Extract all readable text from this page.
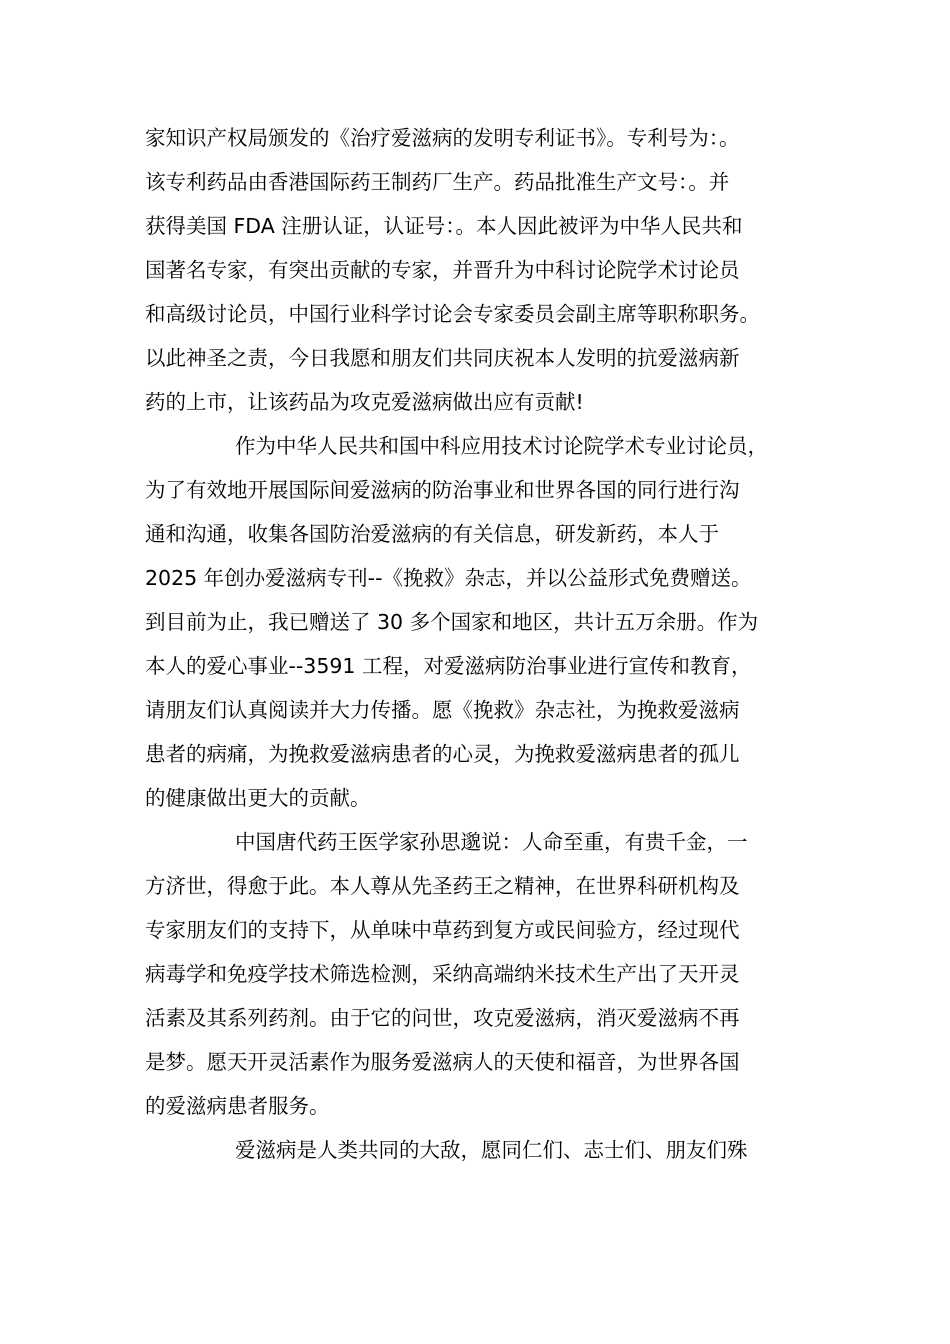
家知识产权局颁发的《治疗爱滋病的发明专利证书》。专利号为：。
该专利药品由香港国际药王制药厂生产。药品批准生产文号：。并
获得美国 FDA 注册认证，认证号：。本人因此被评为中华人民共和
国著名专家，有突出贡献的专家，并晋升为中科讨论院学术讨论员
和高级讨论员，中国行业科学讨论会专家委员会副主席等职称职务。
以此神圣之责，今日我愿和朋友们共同庆祝本人发明的抗爱滋病新
药的上市，让该药品为攻克爱滋病做出应有贡献!
作为中华人民共和国中科应用技术讨论院学术专业讨论员，
为了有效地开展国际间爱滋病的防治事业和世界各国的同行进行沟
通和沟通，收集各国防治爱滋病的有关信息，研发新药，本人于
2025 年创办爱滋病专刊--《挽救》杂志，并以公益形式免费赠送。
到目前为止，我已赠送了 30 多个国家和地区，共计五万余册。作为
本人的爱心事业--3591 工程，对爱滋病防治事业进行宣传和教育，
请朋友们认真阅读并大力传播。愿《挽救》杂志社，为挽救爱滋病
患者的病痛，为挽救爱滋病患者的心灵，为挽救爱滋病患者的孤儿
的健康做出更大的贡献。
中国唐代药王医学家孙思邈说：人命至重，有贵千金，一
方济世，得愈于此。本人尊从先圣药王之精神，在世界科研机构及
专家朋友们的支持下，从单味中草药到复方或民间验方，经过现代
病毒学和免疫学技术筛选检测，采纳高端纳米技术生产出了天开灵
活素及其系列药剂。由于它的问世，攻克爱滋病，消灭爱滋病不再
是梦。愿天开灵活素作为服务爱滋病人的天使和福音，为世界各国
的爱滋病患者服务。
爱滋病是人类共同的大敌，愿同仁们、志士们、朋友们殊
